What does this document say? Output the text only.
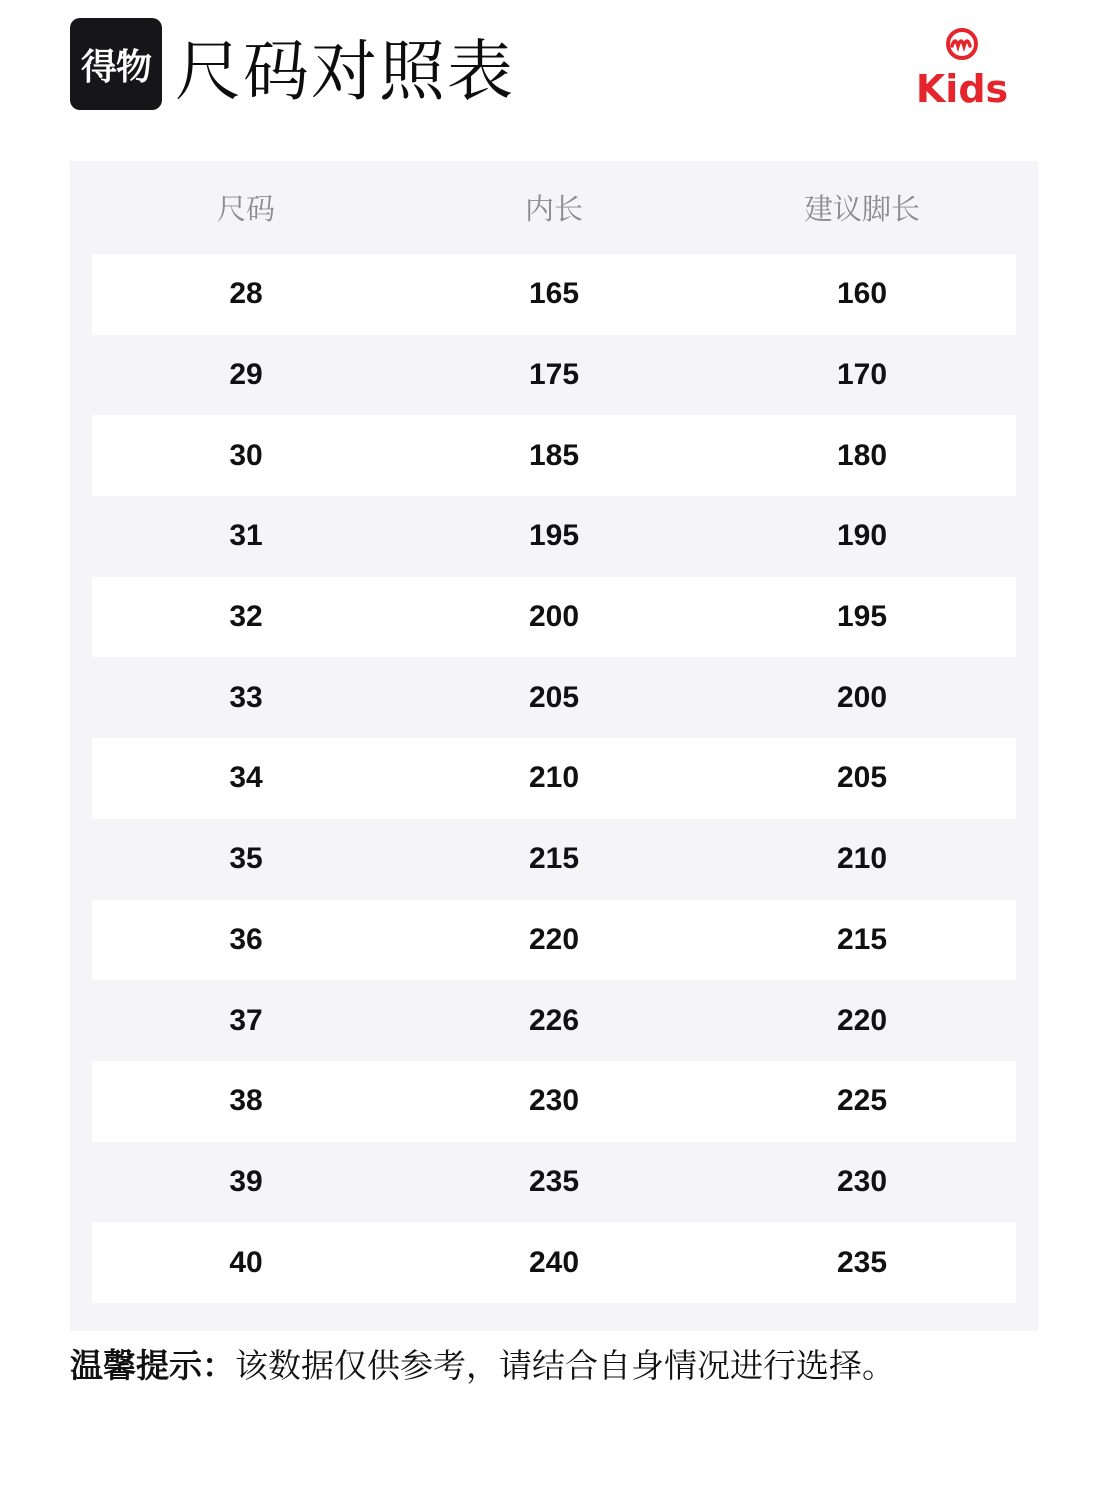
得物 尺码对照表	Kids
尺码	内长	建议脚长
28	165	160
29	175	170
30	185	180
31	195	190
32	200	195
33	205	200
34	210	205
35	215	210
36	220	215
37	226	220
38	230	225
39	235	230
40	240	235
温馨提示：该数据仅供参考，请结合自身情况进行选择。
